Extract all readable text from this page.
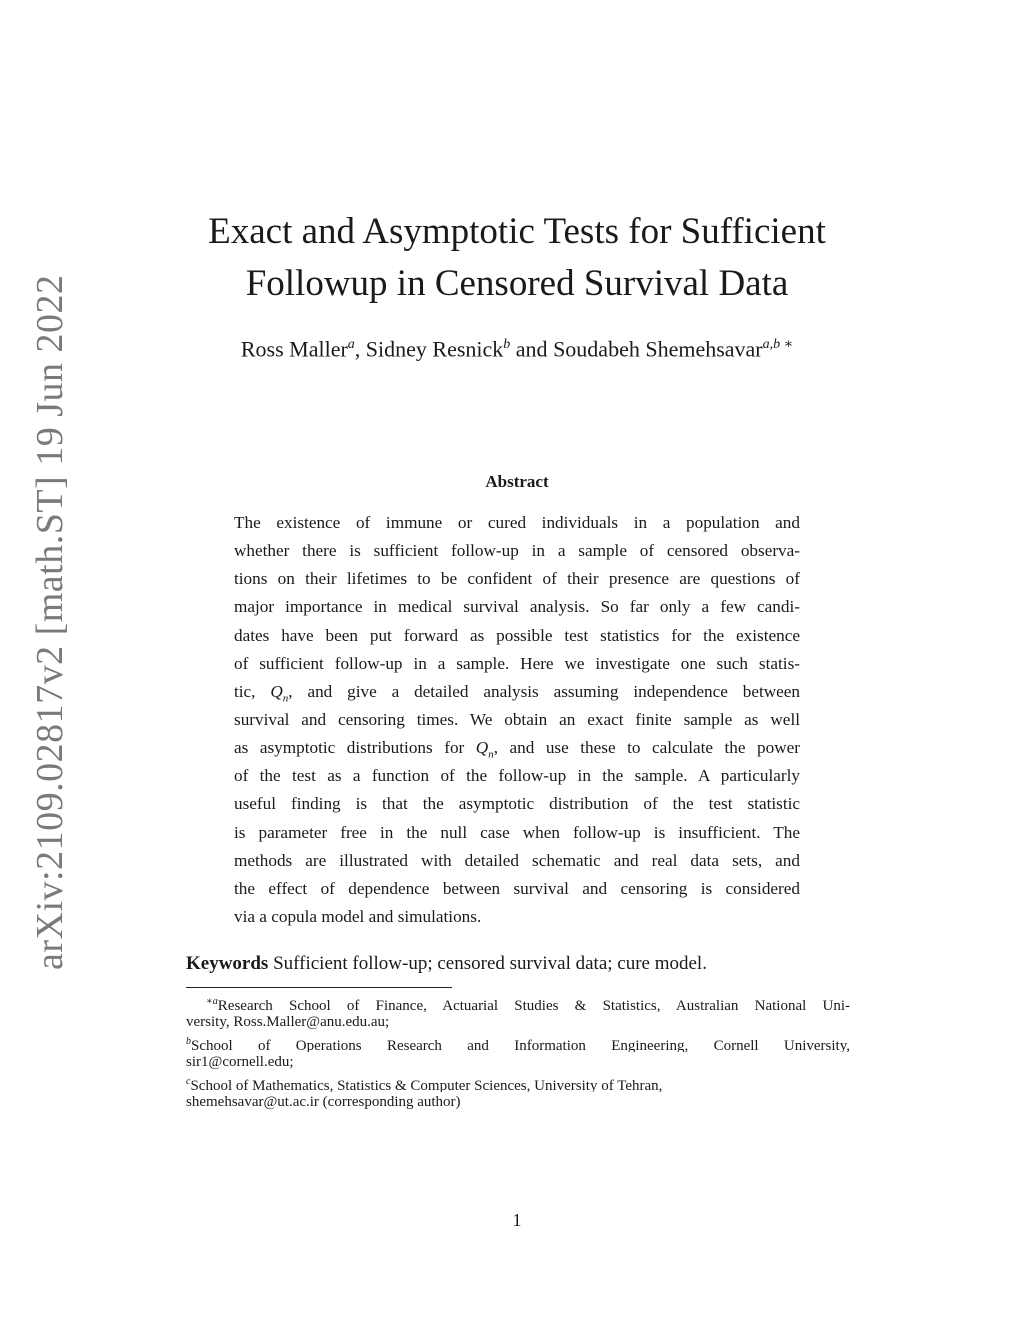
arXiv:2109.02817v2 [math.ST] 19 Jun 2022
Exact and Asymptotic Tests for Sufficient
Followup in Censored Survival Data
Ross Maller$^a$, Sidney Resnick$^b$ and Soudabeh Shemehsavar$^{a,b}$ ∗
Abstract
The existence of immune or cured individuals in a population and
whether there is sufficient follow-up in a sample of censored observa-
tions on their lifetimes to be confident of their presence are questions of
major importance in medical survival analysis. So far only a few candi-
dates have been put forward as possible test statistics for the existence
of sufficient follow-up in a sample. Here we investigate one such statis-
tic, $Q_n$, and give a detailed analysis assuming independence between
survival and censoring times. We obtain an exact finite sample as well
as asymptotic distributions for $Q_n$, and use these to calculate the power
of the test as a function of the follow-up in the sample. A particularly
useful finding is that the asymptotic distribution of the test statistic
is parameter free in the null case when follow-up is insufficient. The
methods are illustrated with detailed schematic and real data sets, and
the effect of dependence between survival and censoring is considered
via a copula model and simulations.
Keywords Sufficient follow-up; censored survival data; cure model.
$^{∗a}$Research School of Finance, Actuarial Studies & Statistics, Australian National Uni-
versity, Ross.Maller@anu.edu.au;
$^b$School of Operations Research and Information Engineering, Cornell University,
sir1@cornell.edu;
$^c$School of Mathematics, Statistics & Computer Sciences, University of Tehran,
shemehsavar@ut.ac.ir (corresponding author)
1
